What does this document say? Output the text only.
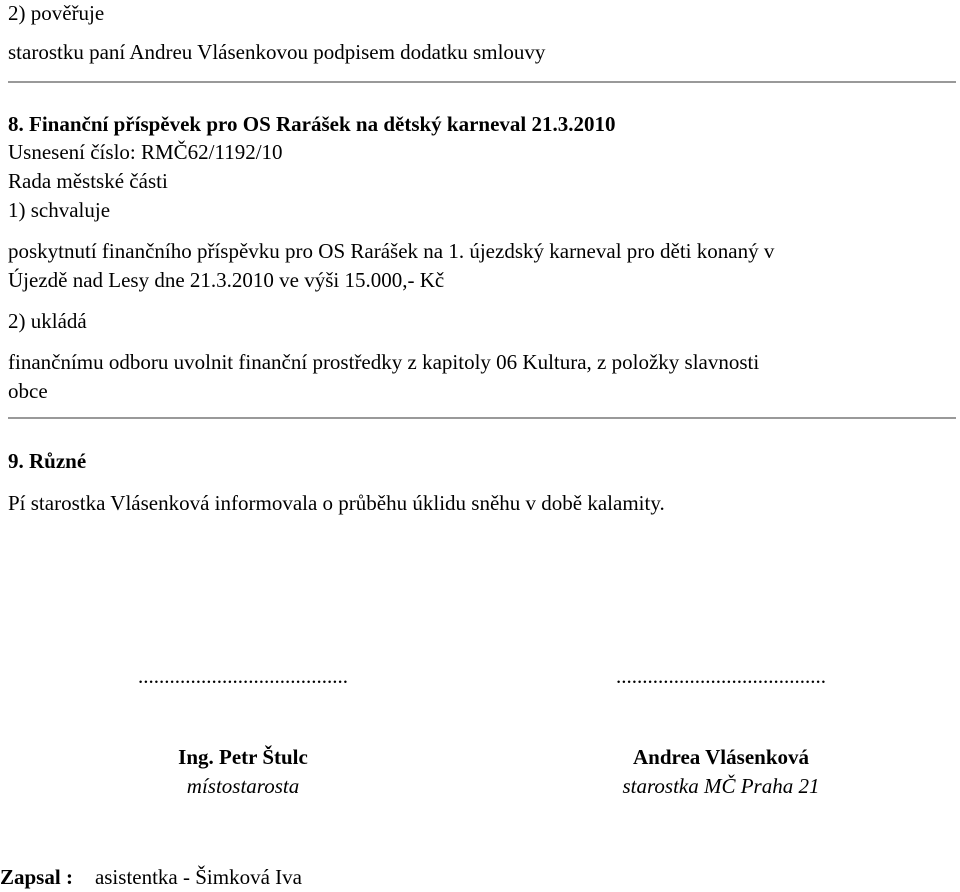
2) pověřuje
starostku paní Andreu Vlásenkovou podpisem dodatku smlouvy
8. Finanční příspěvek pro OS Rarášek na dětský karneval 21.3.2010
Usnesení číslo: RMČ62/1192/10
Rada městské části
1) schvaluje
poskytnutí finančního příspěvku pro OS Rarášek na 1. újezdský karneval pro děti konaný v
Újezdě nad Lesy dne 21.3.2010 ve výši 15.000,- Kč
2) ukládá
finančnímu odboru uvolnit finanční prostředky z kapitoly 06 Kultura, z položky slavnosti
obce
9. Různé
Pí starostka Vlásenková informovala o průběhu úklidu sněhu v době kalamity.
........................................	........................................
Ing. Petr Štulc
místostarosta
Andrea Vlásenková
starostka MČ Praha 21
Zapsal : asistentka - Šimková Iva
